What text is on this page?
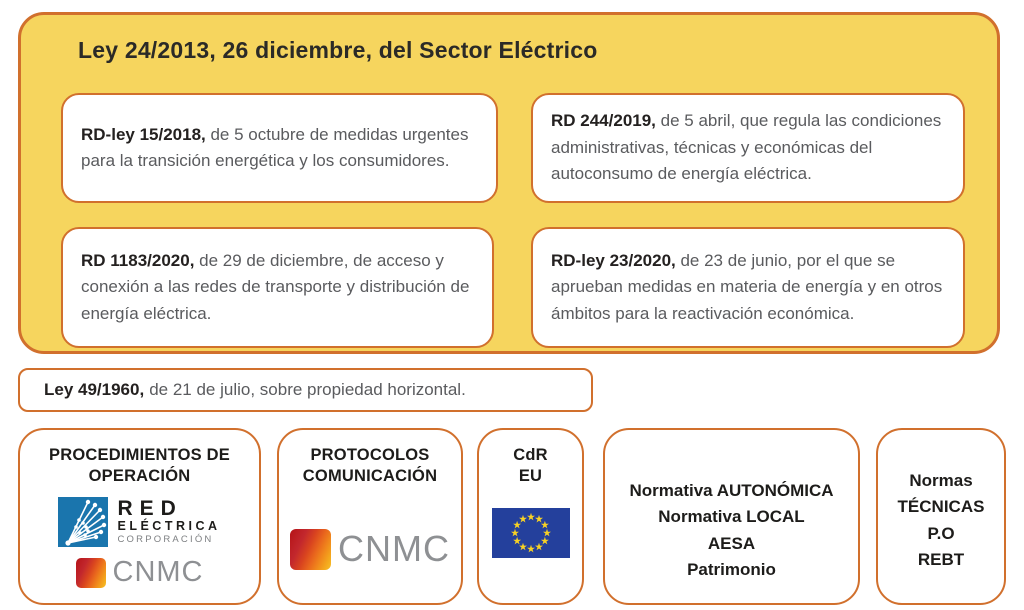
Ley 24/2013, 26 diciembre, del Sector Eléctrico

RD-ley 15/2018, de 5 octubre de medidas urgentes para la transición energética y los consumidores.

RD 244/2019, de 5 abril, que regula las condiciones administrativas, técnicas y económicas del autoconsumo de energía eléctrica.

RD 1183/2020, de 29 de diciembre, de acceso y conexión a las redes de transporte y distribución de energía eléctrica.

RD-ley 23/2020, de 23 de junio, por el que se aprueban medidas en materia de energía y en otros ámbitos para la reactivación económica.

Ley 49/1960, de 21 de julio, sobre propiedad horizontal.
PROCEDIMIENTOS DE OPERACIÓN
RED
ELÉCTRICA
CORPORACIÓN
CNMC
PROTOCOLOS COMUNICACIÓN
CNMC
CdR
EU
Normativa AUTONÓMICA
Normativa LOCAL
AESA
Patrimonio
Normas
TÉCNICAS
P.O
REBT
